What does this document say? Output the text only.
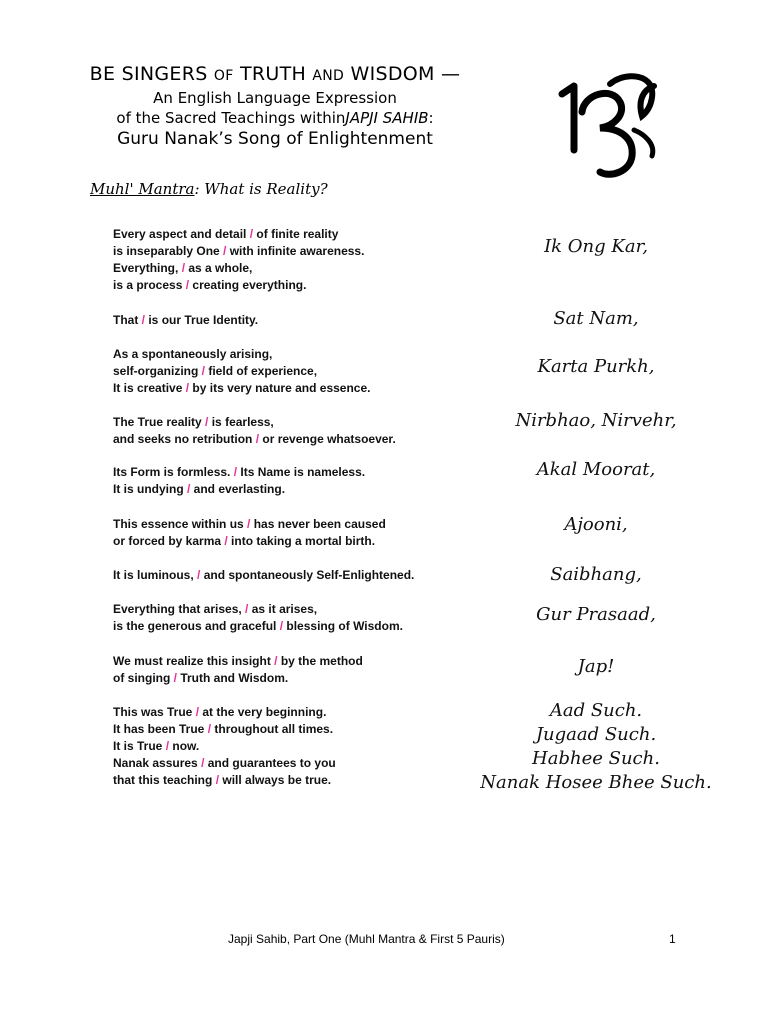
BE SINGERS OF TRUTH AND WISDOM —
An English Language Expression
of the Sacred Teachings withinJAPJI SAHIB:
Guru Nanak’s Song of Enlightenment
Muhl' Mantra: What is Reality?
Every aspect and detail / of finite reality
is inseparably One / with infinite awareness.
Everything, / as a whole,
is a process / creating everything.
That / is our True Identity.
As a spontaneously arising,
self-organizing / field of experience,
It is creative / by its very nature and essence.
The True reality / is fearless,
and seeks no retribution / or revenge whatsoever.
Its Form is formless. / Its Name is nameless.
It is undying / and everlasting.
This essence within us / has never been caused
or forced by karma / into taking a mortal birth.
It is luminous, / and spontaneously Self-Enlightened.
Everything that arises, / as it arises,
is the generous and graceful / blessing of Wisdom.
We must realize this insight / by the method
of singing / Truth and Wisdom.
This was True / at the very beginning.
It has been True / throughout all times.
It is True / now.
Nanak assures / and guarantees to you
that this teaching / will always be true.
Ik Ong Kar,
Sat Nam,
Karta Purkh,
Nirbhao, Nirvehr,
Akal Moorat,
Ajooni,
Saibhang,
Gur Prasaad,
Jap!
Aad Such.
Jugaad Such.
Habhee Such.
Nanak Hosee Bhee Such.
Japji Sahib, Part One (Muhl Mantra & First 5 Pauris)	1
